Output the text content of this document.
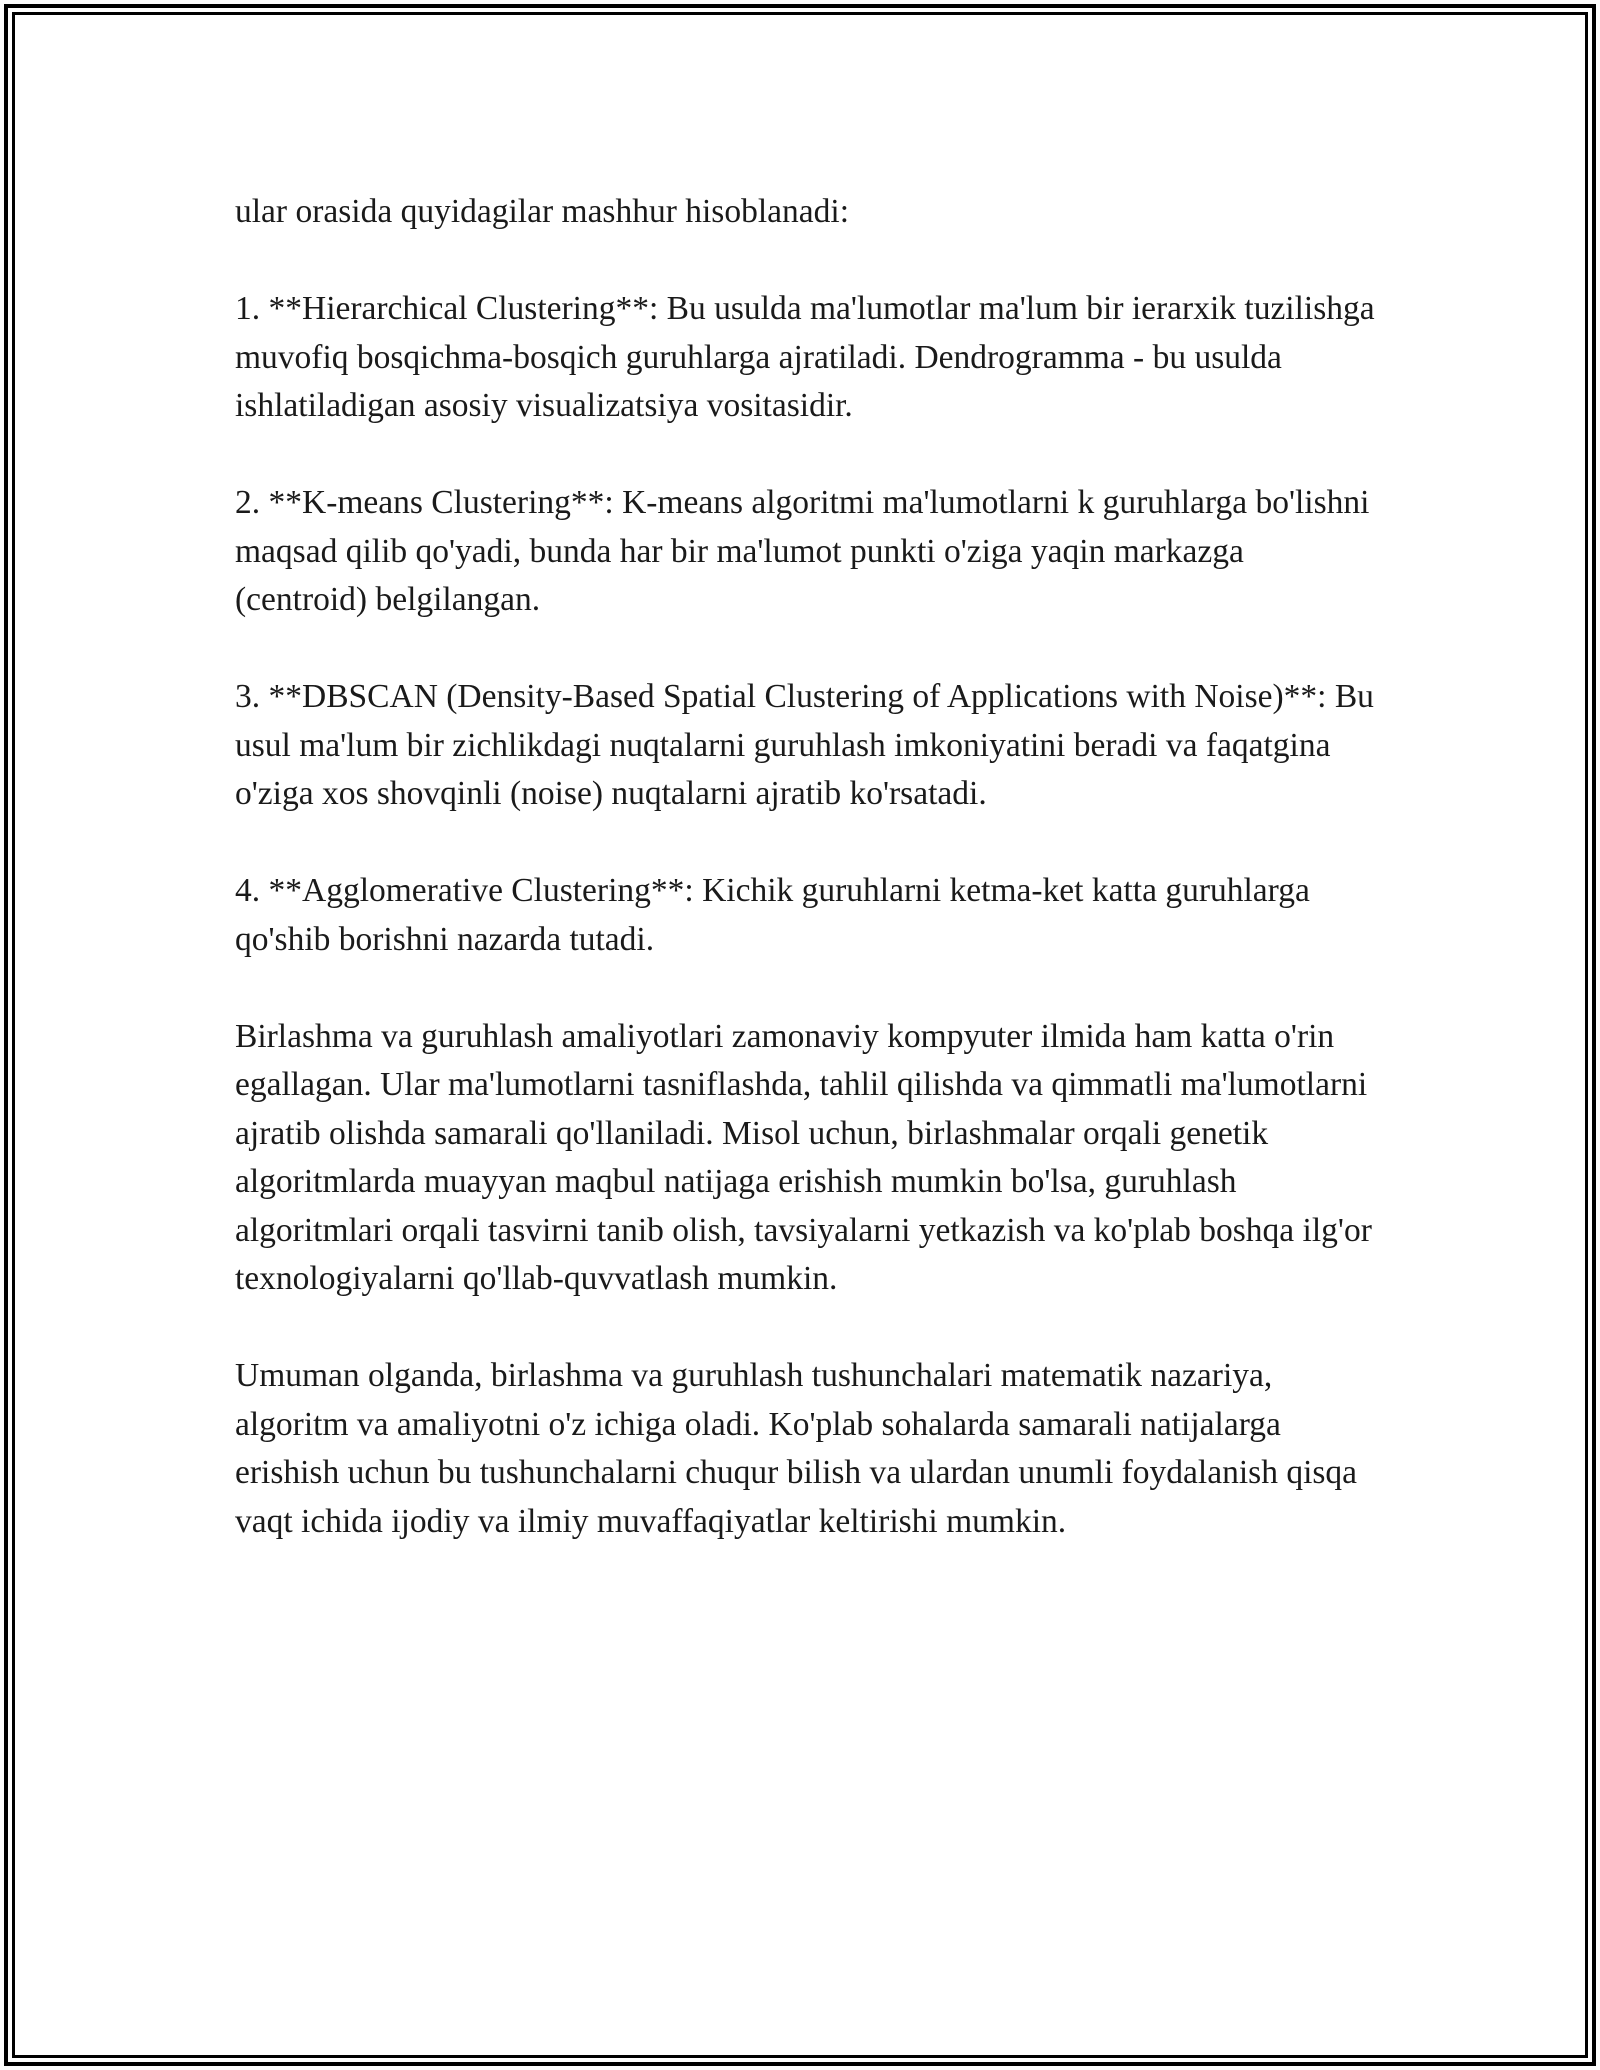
ular orasida quyidagilar mashhur hisoblanadi:

1. **Hierarchical Clustering**: Bu usulda ma'lumotlar ma'lum bir ierarxik tuzilishga muvofiq bosqichma-bosqich guruhlarga ajratiladi. Dendrogramma - bu usulda ishlatiladigan asosiy visualizatsiya vositasidir.

2. **K-means Clustering**: K-means algoritmi ma'lumotlarni k guruhlarga bo'lishni maqsad qilib qo'yadi, bunda har bir ma'lumot punkti o'ziga yaqin markazga (centroid) belgilangan.

3. **DBSCAN (Density-Based Spatial Clustering of Applications with Noise)**: Bu usul ma'lum bir zichlikdagi nuqtalarni guruhlash imkoniyatini beradi va faqatgina o'ziga xos shovqinli (noise) nuqtalarni ajratib ko'rsatadi.

4. **Agglomerative Clustering**: Kichik guruhlarni ketma-ket katta guruhlarga qo'shib borishni nazarda tutadi.

Birlashma va guruhlash amaliyotlari zamonaviy kompyuter ilmida ham katta o'rin egallagan. Ular ma'lumotlarni tasniflashda, tahlil qilishda va qimmatli ma'lumotlarni ajratib olishda samarali qo'llaniladi. Misol uchun, birlashmalar orqali genetik algoritmlarda muayyan maqbul natijaga erishish mumkin bo'lsa, guruhlash algoritmlari orqali tasvirni tanib olish, tavsiyalarni yetkazish va ko'plab boshqa ilg'or texnologiyalarni qo'llab-quvvatlash mumkin.

Umuman olganda, birlashma va guruhlash tushunchalari matematik nazariya, algoritm va amaliyotni o'z ichiga oladi. Ko'plab sohalarda samarali natijalarga erishish uchun bu tushunchalarni chuqur bilish va ulardan unumli foydalanish qisqa vaqt ichida ijodiy va ilmiy muvaffaqiyatlar keltirishi mumkin.
